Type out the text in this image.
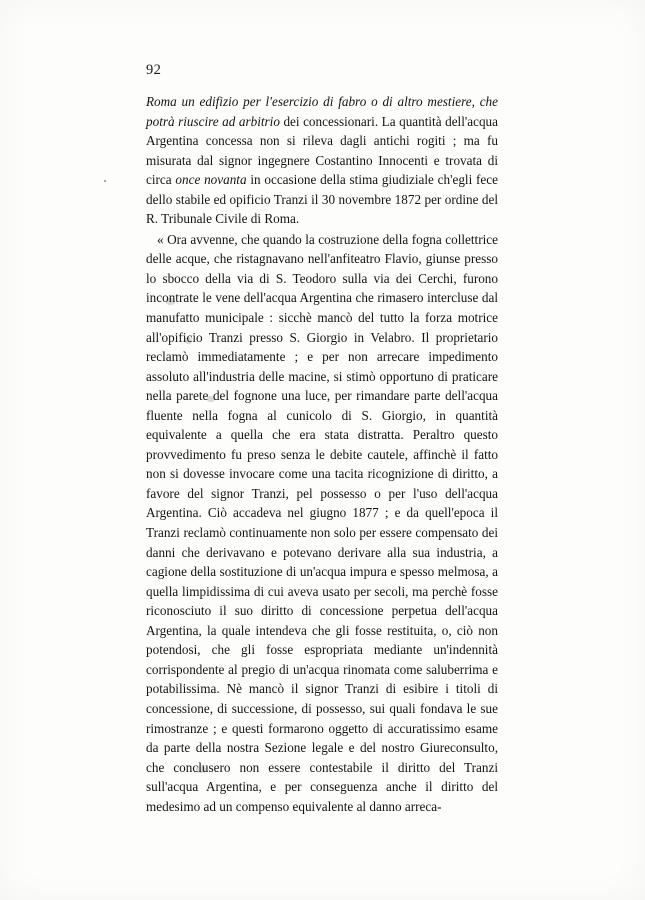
92

Roma un edifizio per l'esercizio di fabro o di altro mestiere, che potrà riuscire ad arbitrio dei concessionari. La quantità dell'acqua Argentina concessa non si rileva dagli antichi rogiti ; ma fu misurata dal signor ingegnere Costantino Innocenti e trovata di circa once novanta in occasione della stima giudiziale ch'egli fece dello stabile ed opificio Tranzi il 30 novembre 1872 per ordine del R. Tribunale Civile di Roma.

« Ora avvenne, che quando la costruzione della fogna collettrice delle acque, che ristagnavano nell'anfiteatro Flavio, giunse presso lo sbocco della via di S. Teodoro sulla via dei Cerchi, furono incontrate le vene dell'acqua Argentina che rimasero intercluse dal manufatto municipale : sicchè mancò del tutto la forza motrice all'opificio Tranzi presso S. Giorgio in Velabro. Il proprietario reclamò immediatamente ; e per non arrecare impedimento assoluto all'industria delle macine, si stimò opportuno di praticare nella parete del fognone una luce, per rimandare parte dell'acqua fluente nella fogna al cunicolo di S. Giorgio, in quantità equivalente a quella che era stata distratta. Peraltro questo provvedimento fu preso senza le debite cautele, affinchè il fatto non si dovesse invocare come una tacita ricognizione di diritto, a favore del signor Tranzi, pel possesso o per l'uso dell'acqua Argentina. Ciò accadeva nel giugno 1877 ; e da quell'epoca il Tranzi reclamò continuamente non solo per essere compensato dei danni che derivavano e potevano derivare alla sua industria, a cagione della sostituzione di un'acqua impura e spesso melmosa, a quella limpidissima di cui aveva usato per secoli, ma perchè fosse riconosciuto il suo diritto di concessione perpetua dell'acqua Argentina, la quale intendeva che gli fosse restituita, o, ciò non potendosi, che gli fosse espropriata mediante un'indennità corrispondente al pregio di un'acqua rinomata come saluberrima e potabilissima. Nè mancò il signor Tranzi di esibire i titoli di concessione, di successione, di possesso, sui quali fondava le sue rimostranze ; e questi formarono oggetto di accuratissimo esame da parte della nostra Sezione legale e del nostro Giureconsulto, che conclusero non essere contestabile il diritto del Tranzi sull'acqua Argentina, e per conseguenza anche il diritto del medesimo ad un compenso equivalente al danno arreca-
